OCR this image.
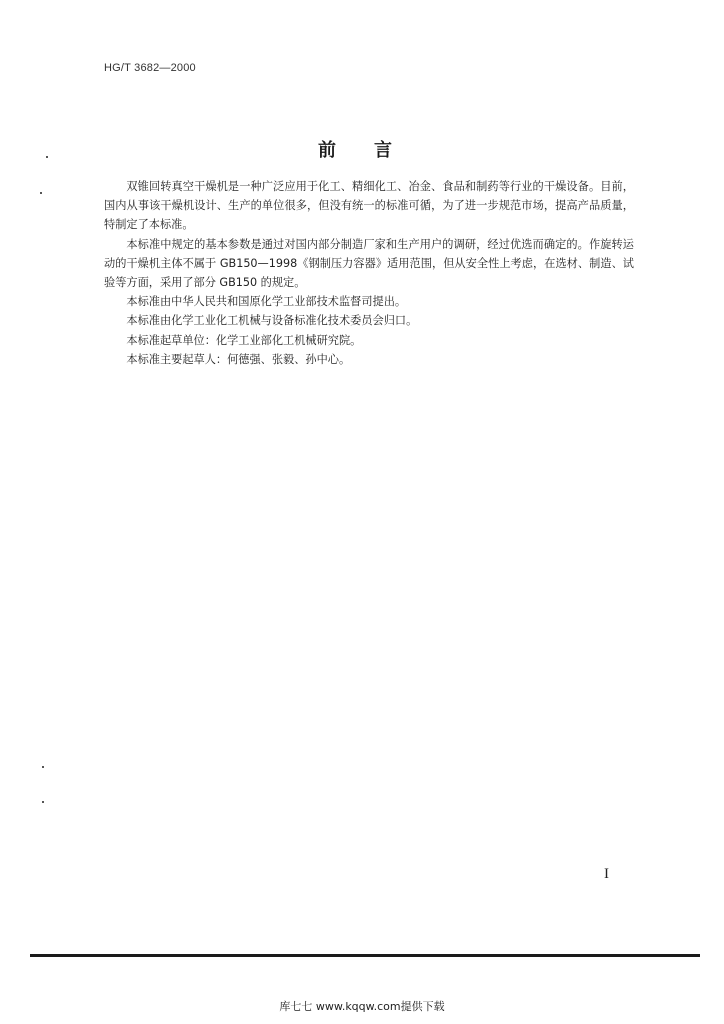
HG/T 3682—2000
前言

双锥回转真空干燥机是一种广泛应用于化工、精细化工、冶金、食品和制药等行业的干燥设备。目前，国内从事该干燥机设计、生产的单位很多，但没有统一的标准可循，为了进一步规范市场，提高产品质量，特制定了本标准。

本标准中规定的基本参数是通过对国内部分制造厂家和生产用户的调研，经过优选而确定的。作旋转运动的干燥机主体不属于 GB150—1998《钢制压力容器》适用范围，但从安全性上考虑，在选材、制造、试验等方面，采用了部分 GB150 的规定。

本标准由中华人民共和国原化学工业部技术监督司提出。

本标准由化学工业化工机械与设备标准化技术委员会归口。

本标准起草单位：化学工业部化工机械研究院。

本标准主要起草人：何德强、张毅、孙中心。

I
库七七 www.kqqw.com提供下载
